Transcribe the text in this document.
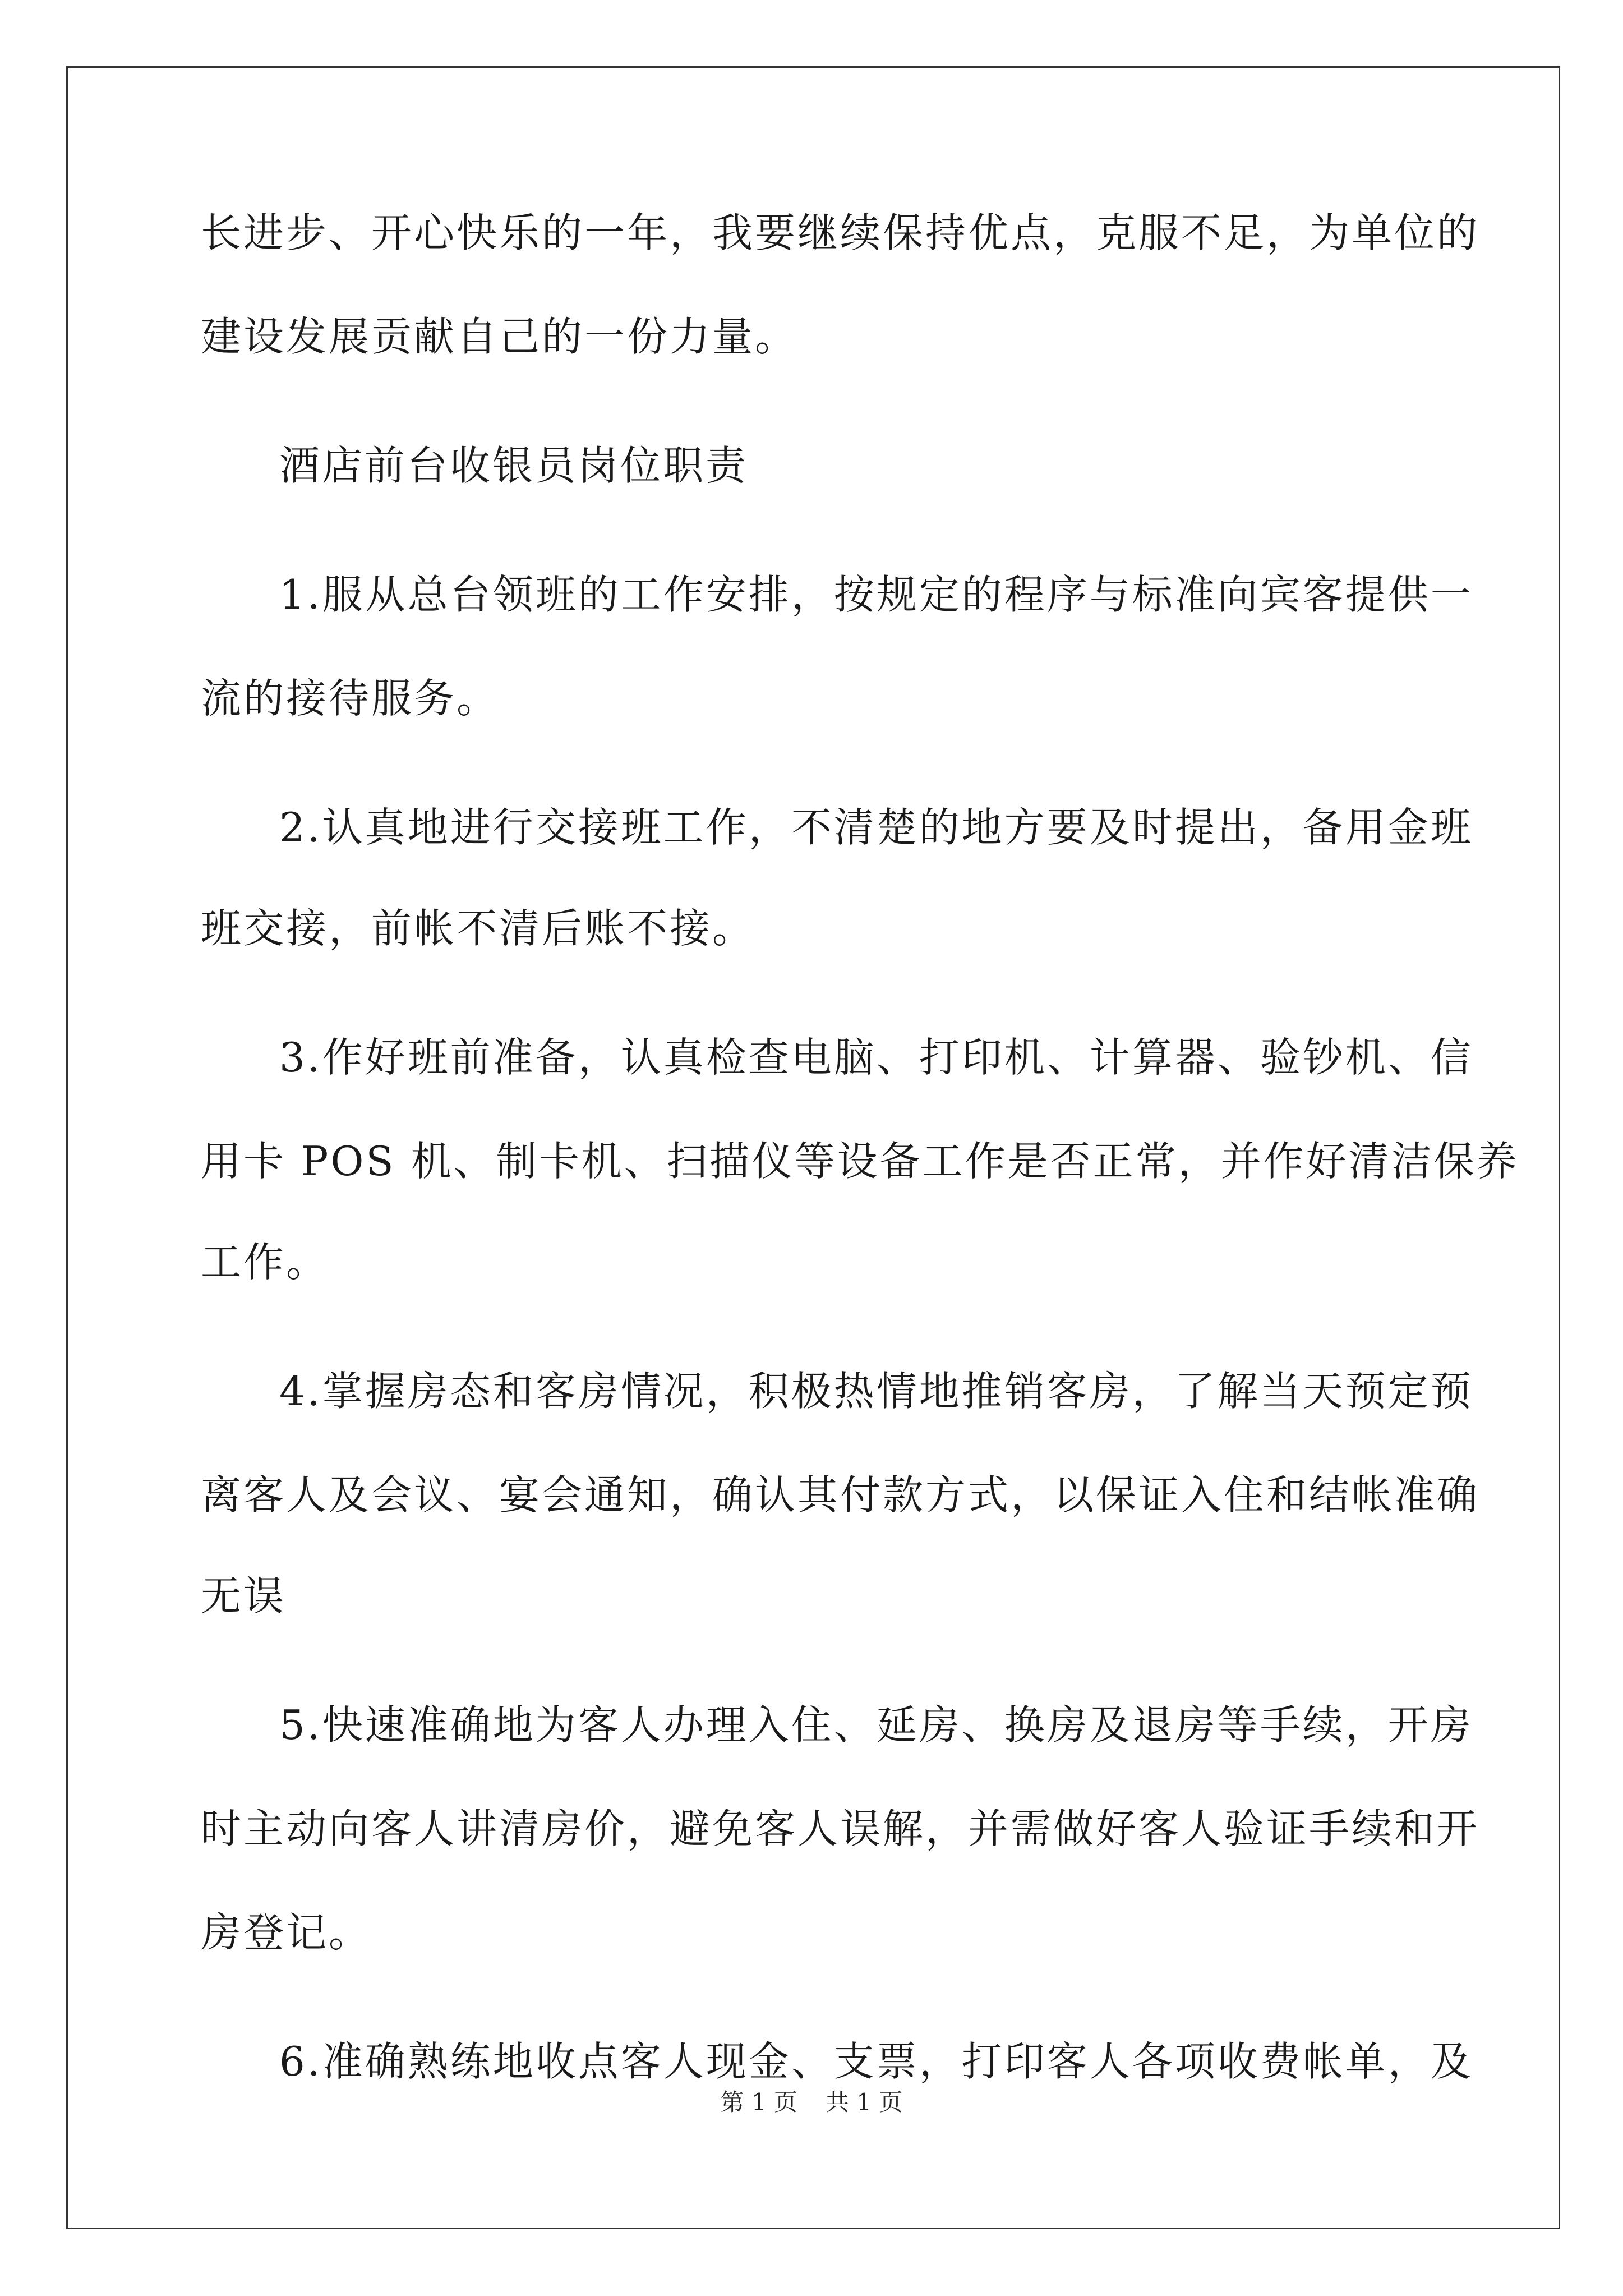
长进步、开心快乐的一年，我要继续保持优点，克服不足，为单位的
建设发展贡献自己的一份力量。
酒店前台收银员岗位职责
1.服从总台领班的工作安排，按规定的程序与标准向宾客提供一
流的接待服务。
2.认真地进行交接班工作，不清楚的地方要及时提出，备用金班
班交接，前帐不清后账不接。
3.作好班前准备，认真检查电脑、打印机、计算器、验钞机、信
用卡 POS 机、制卡机、扫描仪等设备工作是否正常，并作好清洁保养
工作。
4.掌握房态和客房情况，积极热情地推销客房，了解当天预定预
离客人及会议、宴会通知，确认其付款方式，以保证入住和结帐准确
无误
5.快速准确地为客人办理入住、延房、换房及退房等手续，开房
时主动向客人讲清房价，避免客人误解，并需做好客人验证手续和开
房登记。
6.准确熟练地收点客人现金、支票，打印客人各项收费帐单，及
第 1 页 共 1 页
